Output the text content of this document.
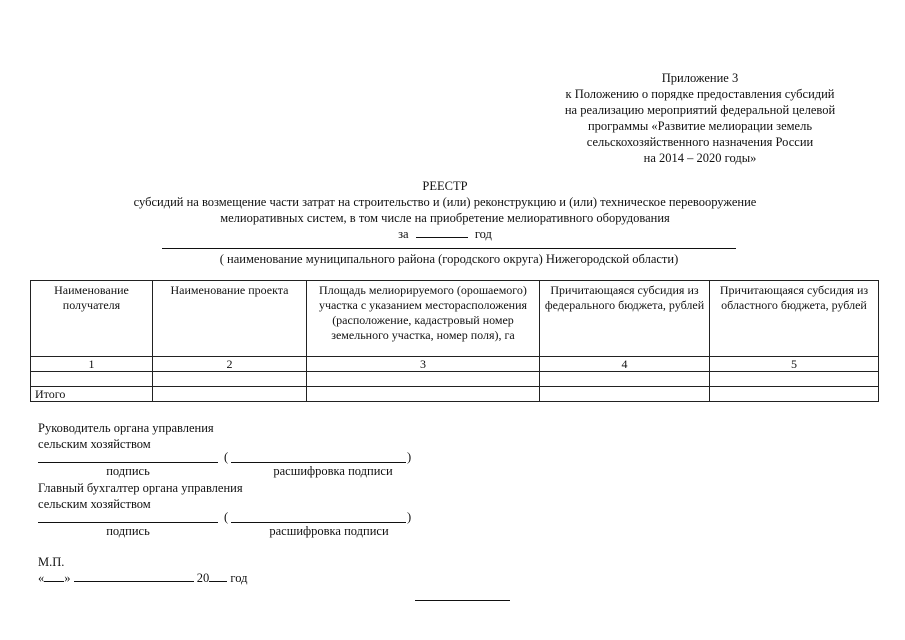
Приложение 3
к Положению о порядке предоставления субсидий
на реализацию мероприятий федеральной целевой
программы «Развитие мелиорации земель
сельскохозяйственного назначения России
на 2014 – 2020 годы»
РЕЕСТР
субсидий на возмещение части затрат на строительство и (или) реконструкцию и (или) техническое перевооружение
мелиоративных систем, в том числе на приобретение мелиоративного оборудования
за	год
( наименование муниципального района (городского округа) Нижегородской области)
Наименование получателя	Наименование проекта	Площадь мелиорируемого (орошаемого) участка с указанием месторасположения (расположение, кадастровый номер земельного участка, номер поля), га	Причитающаяся субсидия из федерального бюджета, рублей	Причитающаяся субсидия из областного бюджета, рублей
1	2	3	4	5

Итого				
Руководитель органа управления
сельским хозяйством
(	)
подпись	расшифровка подписи
Главный бухгалтер органа управления
сельским хозяйством
(	)
подпись	расшифровка подписи
М.П.
« »	20 год
